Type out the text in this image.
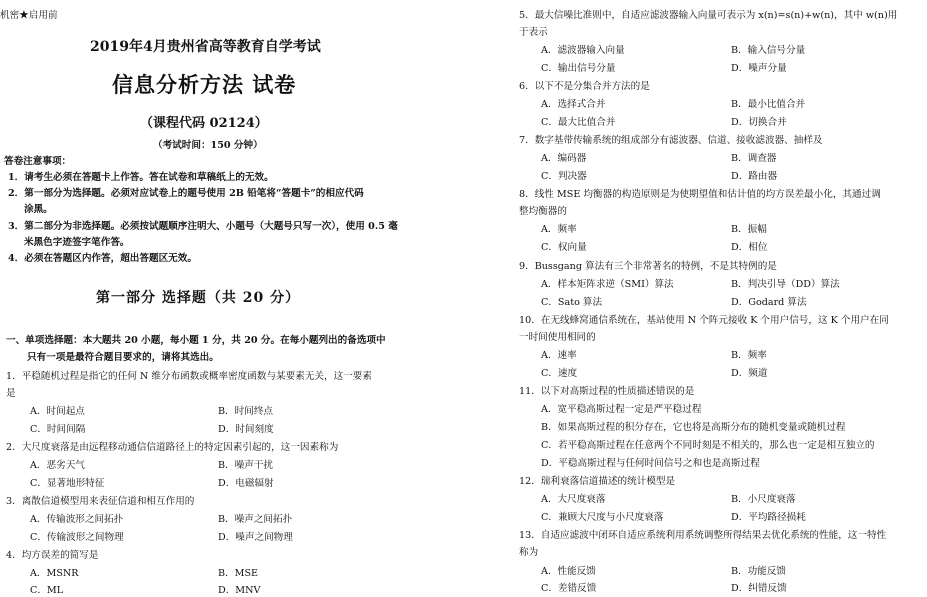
机密★启用前
2019年4月贵州省高等教育自学考试
信息分析方法 试卷
（课程代码 02124）
（考试时间：150 分钟）
答卷注意事项：
1．请考生必须在答题卡上作答。答在试卷和草稿纸上的无效。
2．第一部分为选择题。必须对应试卷上的题号使用 2B 铅笔将“答题卡”的相应代码
涂黑。
3．第二部分为非选择题。必须按试题顺序注明大、小题号（大题号只写一次），使用 0.5 毫
米黑色字迹签字笔作答。
4．必须在答题区内作答，超出答题区无效。
第一部分 选择题（共 20 分）
一、单项选择题：本大题共 20 小题，每小题 1 分，共 20 分。在每小题列出的备选项中
只有一项是最符合题目要求的，请将其选出。
1．平稳随机过程是指它的任何 N 维分布函数或概率密度函数与某要素无关，这一要素
是
A．时间起点	B．时间终点
C．时间间隔	D．时间刻度
2．大尺度衰落是由远程移动通信信道路径上的特定因素引起的，这一因素称为
A．恶劣天气	B．噪声干扰
C．显著地形特征	D．电磁辐射
3．离散信道模型用来表征信道和相互作用的
A．传输波形之间拓扑	B．噪声之间拓扑
C．传输波形之间物理	D．噪声之间物理
4．均方误差的简写是
A．MSNR	B．MSE
C．ML	D．MNV
5．最大信噪比准则中，自适应滤波器输入向量可表示为 x(n)=s(n)+w(n)，其中 w(n)用
于表示
A．滤波器输入向量	B．输入信号分量
C．输出信号分量	D．噪声分量
6．以下不是分集合并方法的是
A．选择式合并	B．最小比值合并
C．最大比值合并	D．切换合并
7．数字基带传输系统的组成部分有滤波器、信道、接收滤波器、抽样及
A．编码器	B．调查器
C．判决器	D．路由器
8．线性 MSE 均衡器的构造原则是为使期望值和估计值的均方误差最小化，其通过调
整均衡器的
A．频率	B．振幅
C．权向量	D．相位
9．Bussgang 算法有三个非常著名的特例，不是其特例的是
A．样本矩阵求逆（SMI）算法	B．判决引导（DD）算法
C．Sato 算法	D．Godard 算法
10．在无线蜂窝通信系统在，基站使用 N 个阵元接收 K 个用户信号，这 K 个用户在同
一时间使用相同的
A．速率	B．频率
C．速度	D．频道
11．以下对高斯过程的性质描述错误的是
A．宽平稳高斯过程一定是严平稳过程
B．如果高斯过程的积分存在，它也将是高斯分布的随机变量或随机过程
C．若平稳高斯过程在任意两个不同时刻是不相关的，那么也一定是相互独立的
D．平稳高斯过程与任何时间信号之和也是高斯过程
12．瑞利衰落信道描述的统计模型是
A．大尺度衰落	B．小尺度衰落
C．兼顾大尺度与小尺度衰落	D．平均路径损耗
13．自适应滤波中闭环自适应系统利用系统调整所得结果去优化系统的性能，这一特性
称为
A．性能反馈	B．功能反馈
C．差错反馈	D．纠错反馈
